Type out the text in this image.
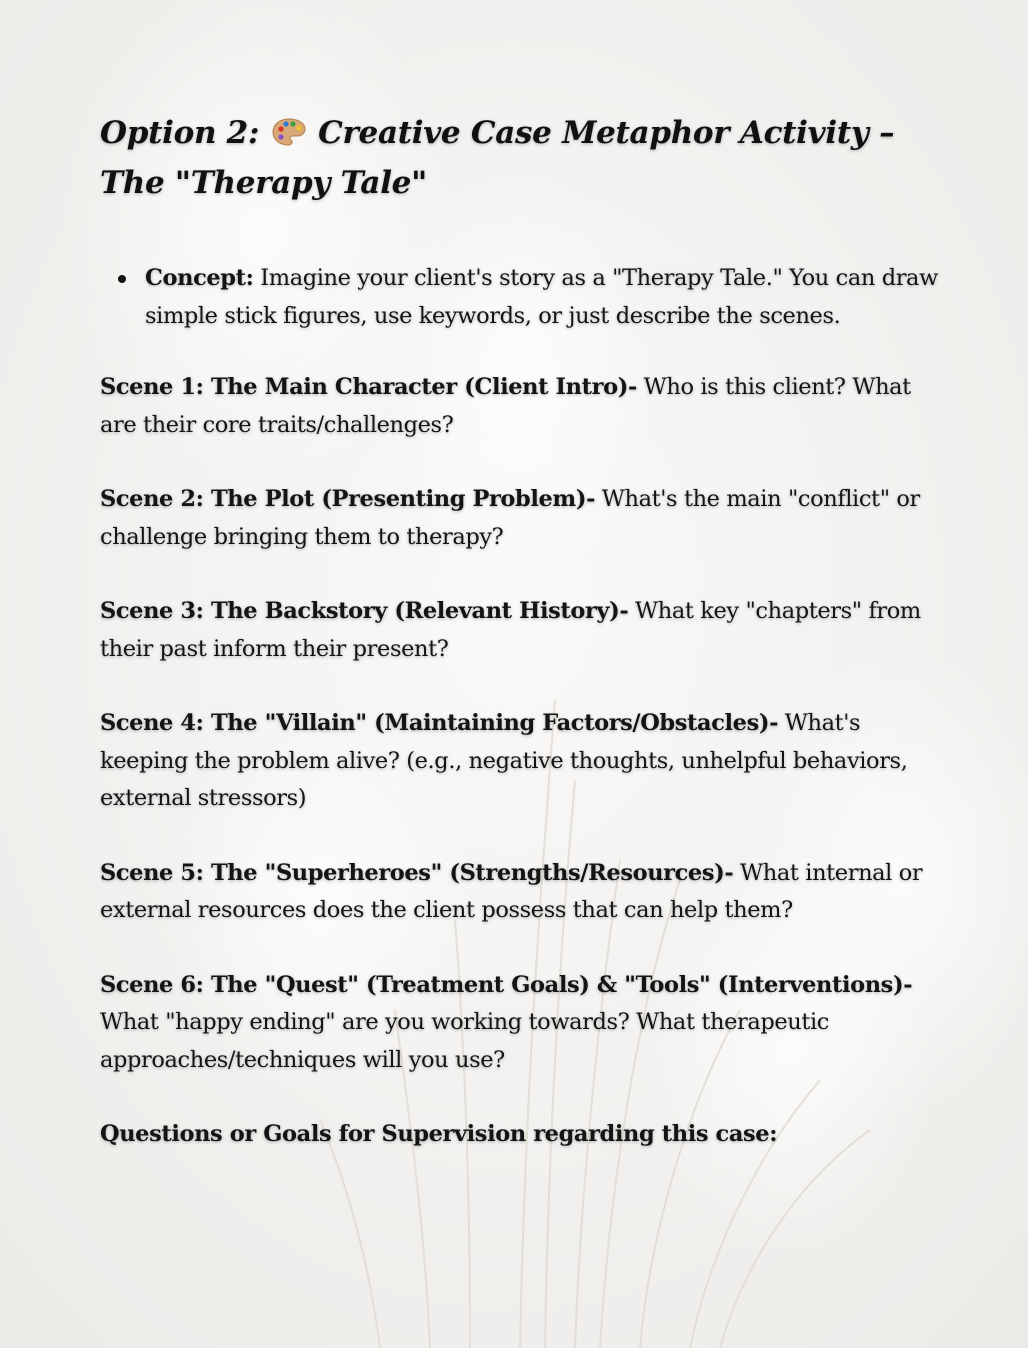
Option 2: Creative Case Metaphor Activity – The "Therapy Tale"
Concept: Imagine your client's story as a "Therapy Tale." You can draw simple stick figures, use keywords, or just describe the scenes.

Scene 1: The Main Character (Client Intro)- Who is this client? What are their core traits/challenges?

Scene 2: The Plot (Presenting Problem)- What's the main "conflict" or challenge bringing them to therapy?

Scene 3: The Backstory (Relevant History)- What key "chapters" from their past inform their present?

Scene 4: The "Villain" (Maintaining Factors/Obstacles)- What's keeping the problem alive? (e.g., negative thoughts, unhelpful behaviors, external stressors)

Scene 5: The "Superheroes" (Strengths/Resources)- What internal or external resources does the client possess that can help them?

Scene 6: The "Quest" (Treatment Goals) & "Tools" (Interventions)- What "happy ending" are you working towards? What therapeutic approaches/techniques will you use?

Questions or Goals for Supervision regarding this case:
